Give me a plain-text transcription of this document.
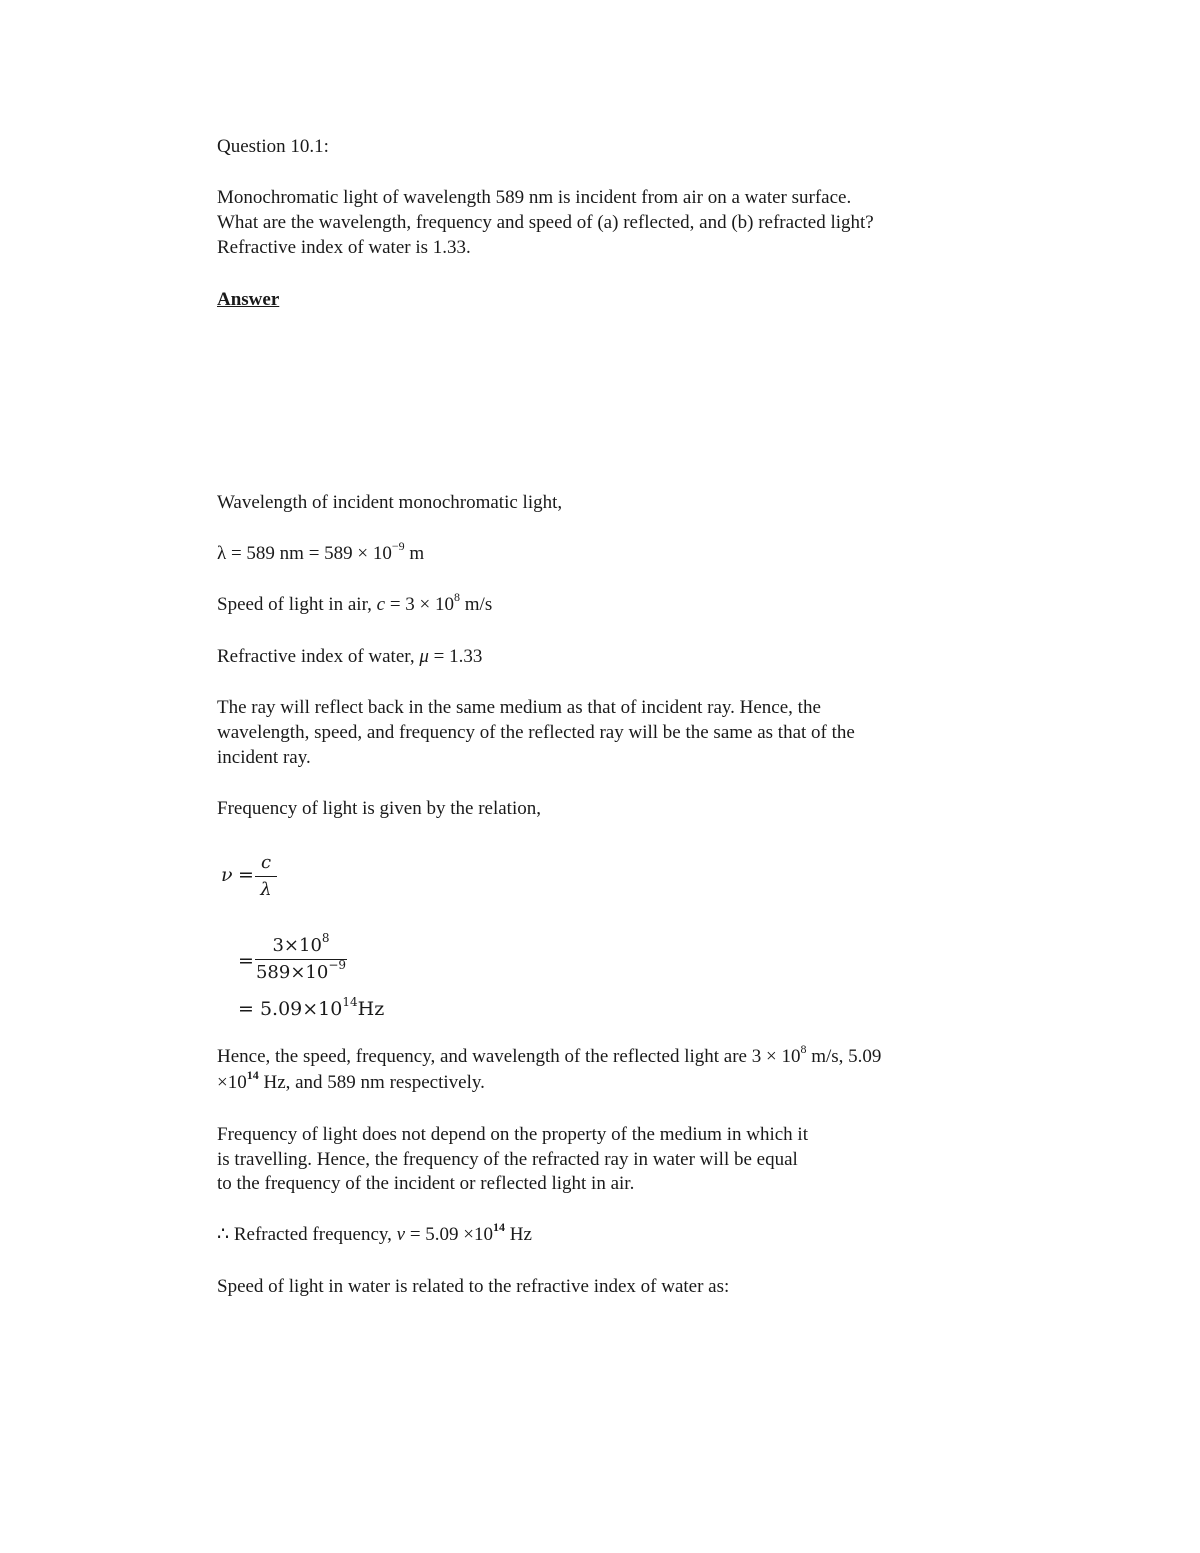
Question 10.1:
Monochromatic light of wavelength 589 nm is incident from air on a water surface.
What are the wavelength, frequency and speed of (a) reflected, and (b) refracted light?
Refractive index of water is 1.33.
Answer
Wavelength of incident monochromatic light,
λ = 589 nm = $589 \times 10^{-9}$ m
Speed of light in air, $c = 3 \times 10^8$ m/s
Refractive index of water, μ = 1.33
The ray will reflect back in the same medium as that of incident ray. Hence, the
wavelength, speed, and frequency of the reflected ray will be the same as that of the
incident ray.
Frequency of light is given by the relation,
ν =
c
λ
=
$3\times 10^8$
$589\times 10^{-9}$
= $5.09\times 10^{14}Hz$
Hence, the speed, frequency, and wavelength of the reflected light are $3 \times 10^8$ m/s, 5.09
$\times 10^{14}$ Hz, and 589 nm respectively.
Frequency of light does not depend on the property of the medium in which it
is travelling. Hence, the frequency of the refracted ray in water will be equal
to the frequency of the incident or reflected light in air.
∴ Refracted frequency, $\nu = 5.09 \times 10^{14}$ Hz
Speed of light in water is related to the refractive index of water as:
